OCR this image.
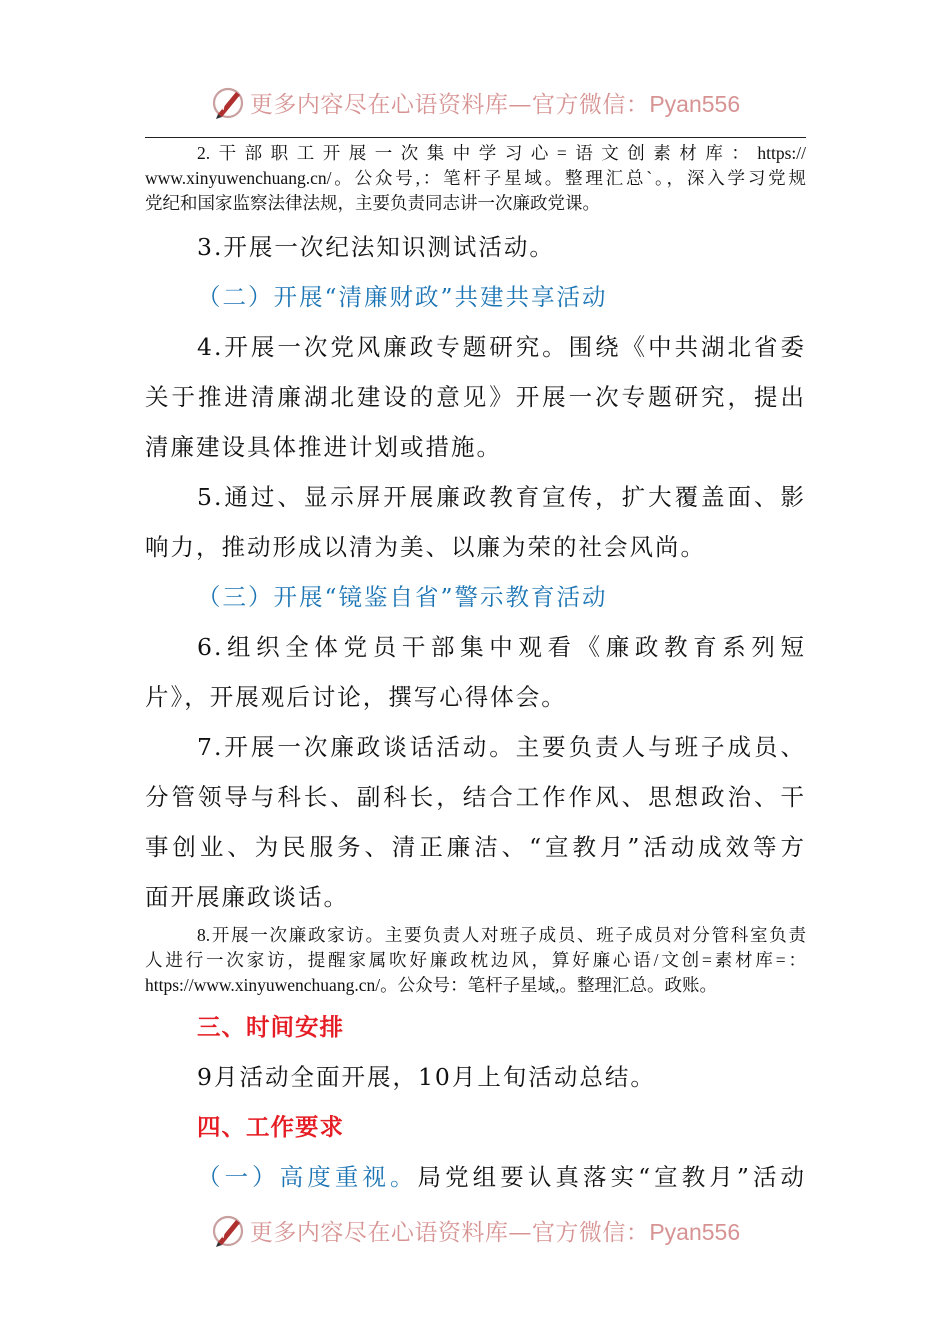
更多内容尽在心语资料库—官方微信：Pyan556

2.干部职工开展一次集中学习心=语文创素材库：https://

www.xinyuwenchuang.cn/。公众号,：笔杆子星域。整理汇总`。，深入学习党规

党纪和国家监察法律法规，主要负责同志讲一次廉政党课。

3.开展一次纪法知识测试活动。

（二）开展“清廉财政”共建共享活动

4.开展一次党风廉政专题研究。围绕《中共湖北省委

关于推进清廉湖北建设的意见》开展一次专题研究，提出

清廉建设具体推进计划或措施。

5.通过、显示屏开展廉政教育宣传，扩大覆盖面、影

响力，推动形成以清为美、以廉为荣的社会风尚。

（三）开展“镜鉴自省”警示教育活动

6.组织全体党员干部集中观看《廉政教育系列短

片》，开展观后讨论，撰写心得体会。

7.开展一次廉政谈话活动。主要负责人与班子成员、

分管领导与科长、副科长，结合工作作风、思想政治、干

事创业、为民服务、清正廉洁、“宣教月”活动成效等方

面开展廉政谈话。

8.开展一次廉政家访。主要负责人对班子成员、班子成员对分管科室负责

人进行一次家访，提醒家属吹好廉政枕边风，算好廉心语/文创=素材库=：

https://www.xinyuwenchuang.cn/。公众号：笔杆子星域,。整理汇总。政账。

三、时间安排

9月活动全面开展，10月上旬活动总结。

四、工作要求

（一）高度重视。局党组要认真落实“宣教月”活动

更多内容尽在心语资料库—官方微信：Pyan556
